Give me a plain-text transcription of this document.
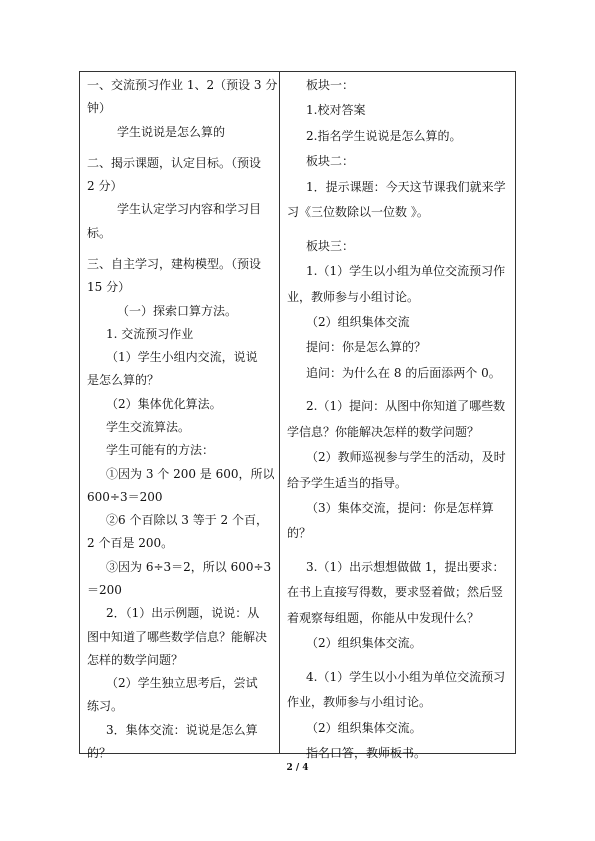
一、交流预习作业 1、2（预设 3 分
钟）
学生说说是怎么算的
二、揭示课题，认定目标。（预设
2 分）
学生认定学习内容和学习目
标。
三、自主学习，建构模型。（预设
15 分）
（一）探索口算方法。
1. 交流预习作业
（1）学生小组内交流，说说
是怎么算的？
（2）集体优化算法。
学生交流算法。
学生可能有的方法：
①因为 3 个 200 是 600，所以
600÷3＝200
②6 个百除以 3 等于 2 个百，
2 个百是 200。
③因为 6÷3＝2，所以 600÷3
＝200
2．（1）出示例题，说说：从
图中知道了哪些数学信息？能解决
怎样的数学问题？
（2）学生独立思考后，尝试
练习。
3．集体交流：说说是怎么算
的？
板块一：
1.校对答案
2.指名学生说说是怎么算的。
板块二：
1．提示课题：今天这节课我们就来学
习《三位数除以一位数 》。
板块三：
1.（1）学生以小组为单位交流预习作
业，教师参与小组讨论。
（2）组织集体交流
提问：你是怎么算的？
追问：为什么在 8 的后面添两个 0。
2.（1）提问：从图中你知道了哪些数
学信息？你能解决怎样的数学问题？
（2）教师巡视参与学生的活动，及时
给予学生适当的指导。
（3）集体交流，提问：你是怎样算
的？
3.（1）出示想想做做 1，提出要求：
在书上直接写得数，要求竖着做；然后竖
着观察每组题，你能从中发现什么？
（2）组织集体交流。
4.（1）学生以小小组为单位交流预习
作业，教师参与小组讨论。
（2）组织集体交流。
指名口答，教师板书。
2 / 4
